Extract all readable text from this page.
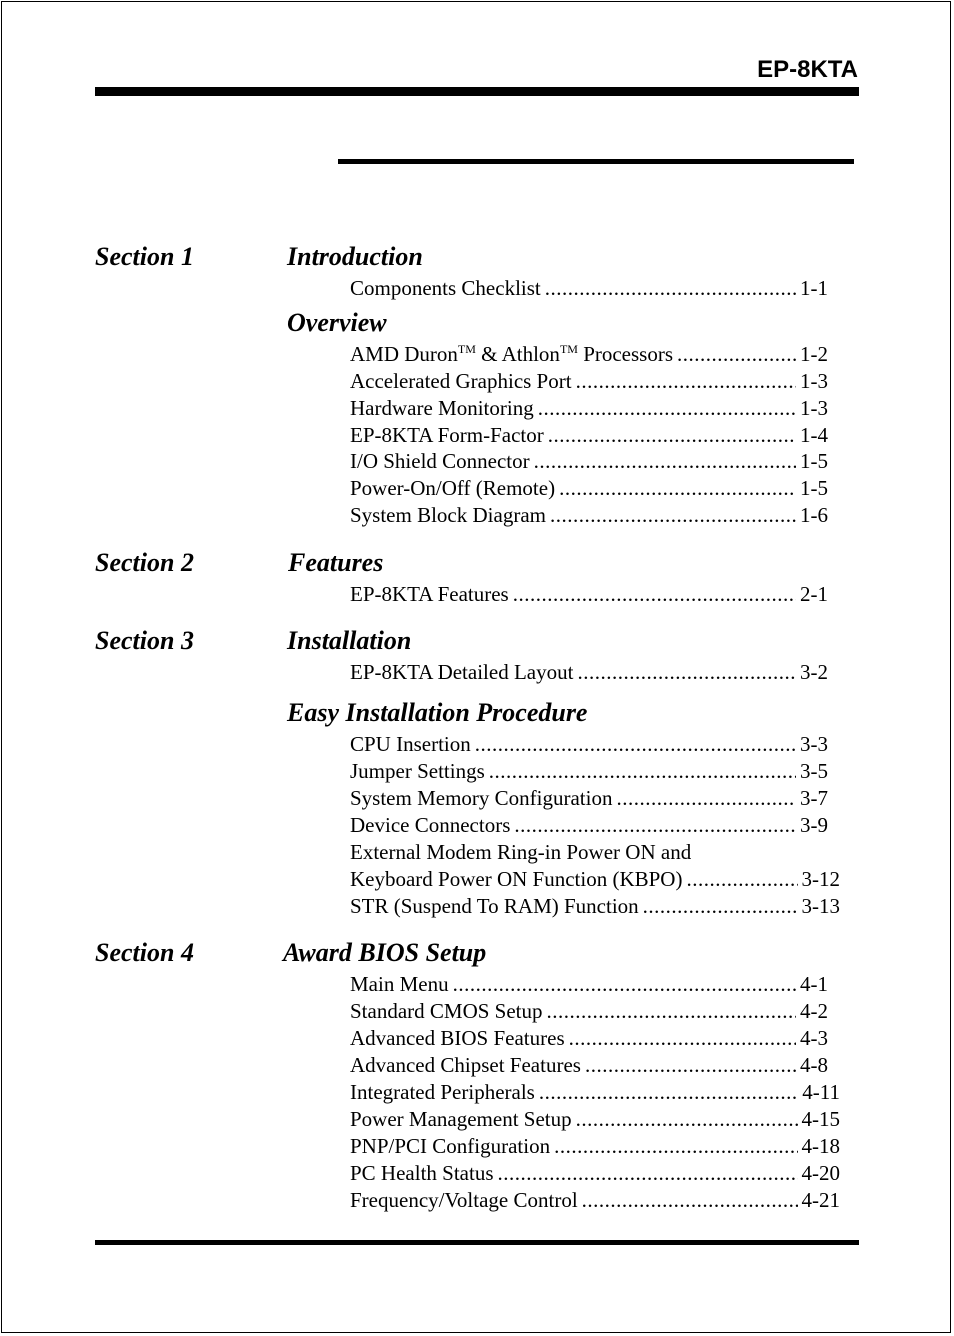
EP-8KTA
Section 1	Introduction
Components Checklist .....	1-1
Overview
AMD Duron™ & Athlon™ Processors .....	1-2
Accelerated Graphics Port .....	1-3
Hardware Monitoring .....	1-3
EP-8KTA Form-Factor .....	1-4
I/O Shield Connector .....	1-5
Power-On/Off (Remote) .....	1-5
System Block Diagram .....	1-6
Section 2	Features
EP-8KTA Features .....	2-1
Section 3	Installation
EP-8KTA Detailed Layout .....	3-2
Easy Installation Procedure
CPU Insertion .....	3-3
Jumper Settings .....	3-5
System Memory Configuration .....	3-7
Device Connectors .....	3-9
External Modem Ring-in Power ON and
Keyboard Power ON Function (KBPO) .....	3-12
STR (Suspend To RAM) Function .....	3-13
Section 4	Award BIOS Setup
Main Menu .....	4-1
Standard CMOS Setup .....	4-2
Advanced BIOS Features .....	4-3
Advanced Chipset Features .....	4-8
Integrated Peripherals .....	4-11
Power Management Setup .....	4-15
PNP/PCI Configuration .....	4-18
PC Health Status .....	4-20
Frequency/Voltage Control .....	4-21
